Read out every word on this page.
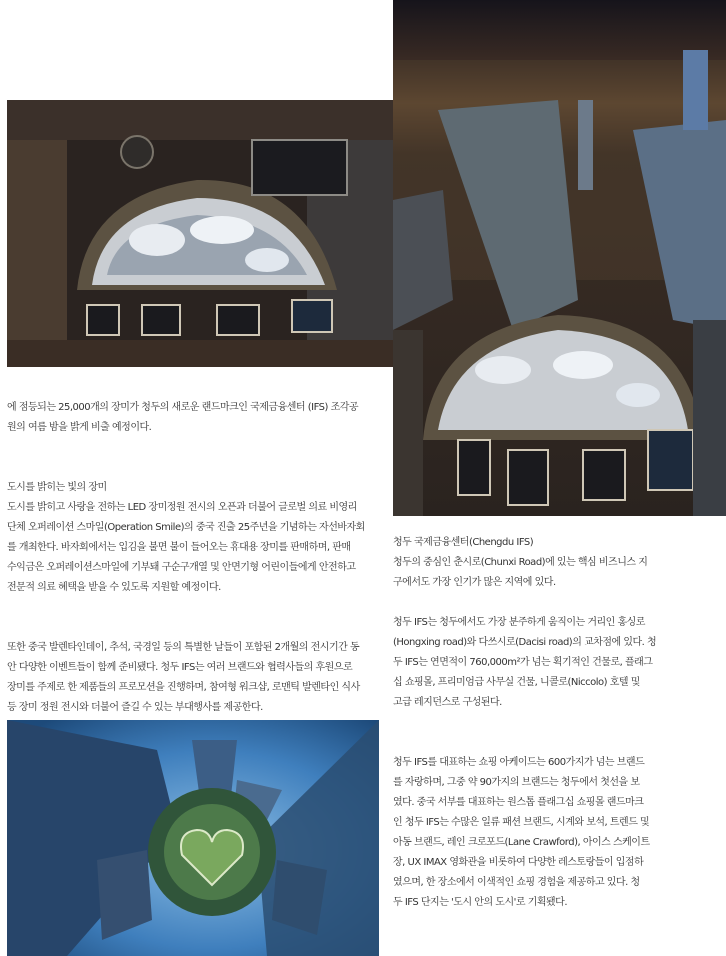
에 점등되는 25,000개의 장미가 청두의 새로운 랜드마크인 국제금융센터 (IFS) 조각공

원의 여름 밤을 밝게 비출 예정이다.

도시를 밝히는 빛의 장미

도시를 밝히고 사랑을 전하는 LED 장미정원 전시의 오픈과 더불어 글로벌 의료 비영리

단체 오퍼레이션 스마일(Operation Smile)의 중국 진출 25주년을 기념하는 자선바자회

를 개최한다. 바자회에서는 입김을 불면 불이 들어오는 휴대용 장미를 판매하며, 판매

수익금은 오퍼레이션스마일에 기부돼 구순구개열 및 안면기형 어린이들에게 안전하고

전문적 의료 혜택을 받을 수 있도록 지원할 예정이다.

또한 중국 발렌타인데이, 추석, 국경일 등의 특별한 날들이 포함된 2개월의 전시기간 동

안 다양한 이벤트들이 함께 준비됐다. 청두 IFS는 여러 브랜드와 협력사들의 후원으로

장미를 주제로 한 제품들의 프로모션을 진행하며, 참여형 워크샵, 로맨틱 발렌타인 식사

등 장미 정원 전시와 더불어 즐길 수 있는 부대행사를 제공한다.

청두 국제금융센터(Chengdu IFS)

청두의 중심인 춘시로(Chunxi Road)에 있는 핵심 비즈니스 지

구에서도 가장 인기가 많은 지역에 있다.

청두 IFS는 청두에서도 가장 분주하게 움직이는 거리인 홍싱로

(Hongxing road)와 다쓰시로(Dacisi road)의 교차점에 있다. 청

두 IFS는 연면적이 760,000m²가 넘는 획기적인 건물로, 플래그

십 쇼핑몰, 프리미엄급 사무실 건물, 니콜로(Niccolo) 호텔 및

고급 레지던스로 구성된다.

청두 IFS를 대표하는 쇼핑 아케이드는 600가지가 넘는 브랜드

를 자랑하며, 그중 약 90가지의 브랜드는 청두에서 첫선을 보

였다. 중국 서부를 대표하는 원스톱 플래그십 쇼핑몰 랜드마크

인 청두 IFS는 수많은 일류 패션 브랜드, 시계와 보석, 트렌드 및

아동 브랜드, 레인 크로포드(Lane Crawford), 아이스 스케이트

장, UX IMAX 영화관을 비롯하여 다양한 레스토랑들이 입점하

였으며, 한 장소에서 이색적인 쇼핑 경험을 제공하고 있다. 청

두 IFS 단지는 '도시 안의 도시'로 기획됐다.
